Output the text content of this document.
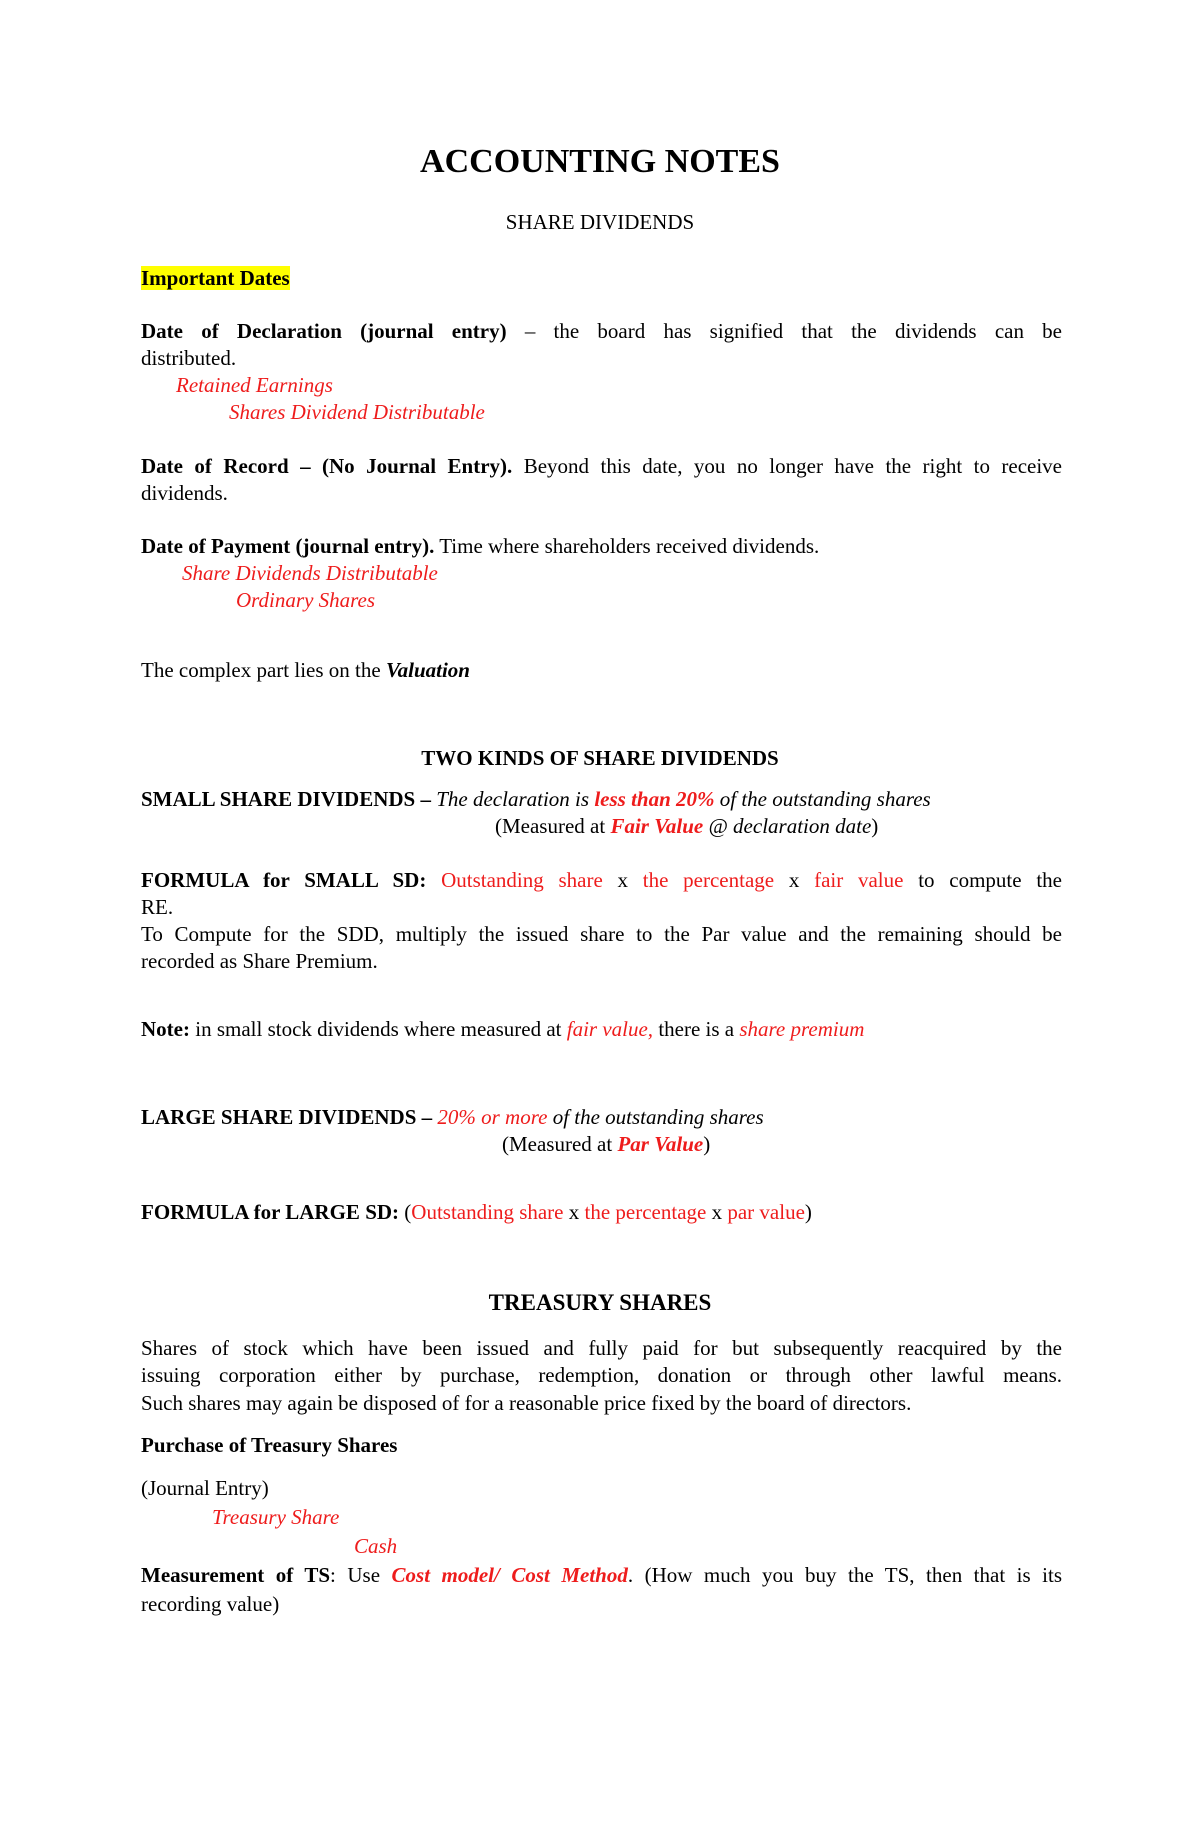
ACCOUNTING NOTES
SHARE DIVIDENDS
Important Dates
Date of Declaration (journal entry) – the board has signified that the dividends can be
distributed.
Retained Earnings
Shares Dividend Distributable
Date of Record – (No Journal Entry). Beyond this date, you no longer have the right to receive
dividends.
Date of Payment (journal entry). Time where shareholders received dividends.
Share Dividends Distributable
Ordinary Shares
The complex part lies on the Valuation
TWO KINDS OF SHARE DIVIDENDS
SMALL SHARE DIVIDENDS – The declaration is less than 20% of the outstanding shares
(Measured at Fair Value @ declaration date)
FORMULA for SMALL SD: Outstanding share x the percentage x fair value to compute the
RE.
To Compute for the SDD, multiply the issued share to the Par value and the remaining should be
recorded as Share Premium.
Note: in small stock dividends where measured at fair value, there is a share premium
LARGE SHARE DIVIDENDS – 20% or more of the outstanding shares
(Measured at Par Value)
FORMULA for LARGE SD: (Outstanding share x the percentage x par value)
TREASURY SHARES
Shares of stock which have been issued and fully paid for but subsequently reacquired by the
issuing corporation either by purchase, redemption, donation or through other lawful means.
Such shares may again be disposed of for a reasonable price fixed by the board of directors.
Purchase of Treasury Shares
(Journal Entry)
Treasury Share
Cash
Measurement of TS: Use Cost model/ Cost Method. (How much you buy the TS, then that is its
recording value)
